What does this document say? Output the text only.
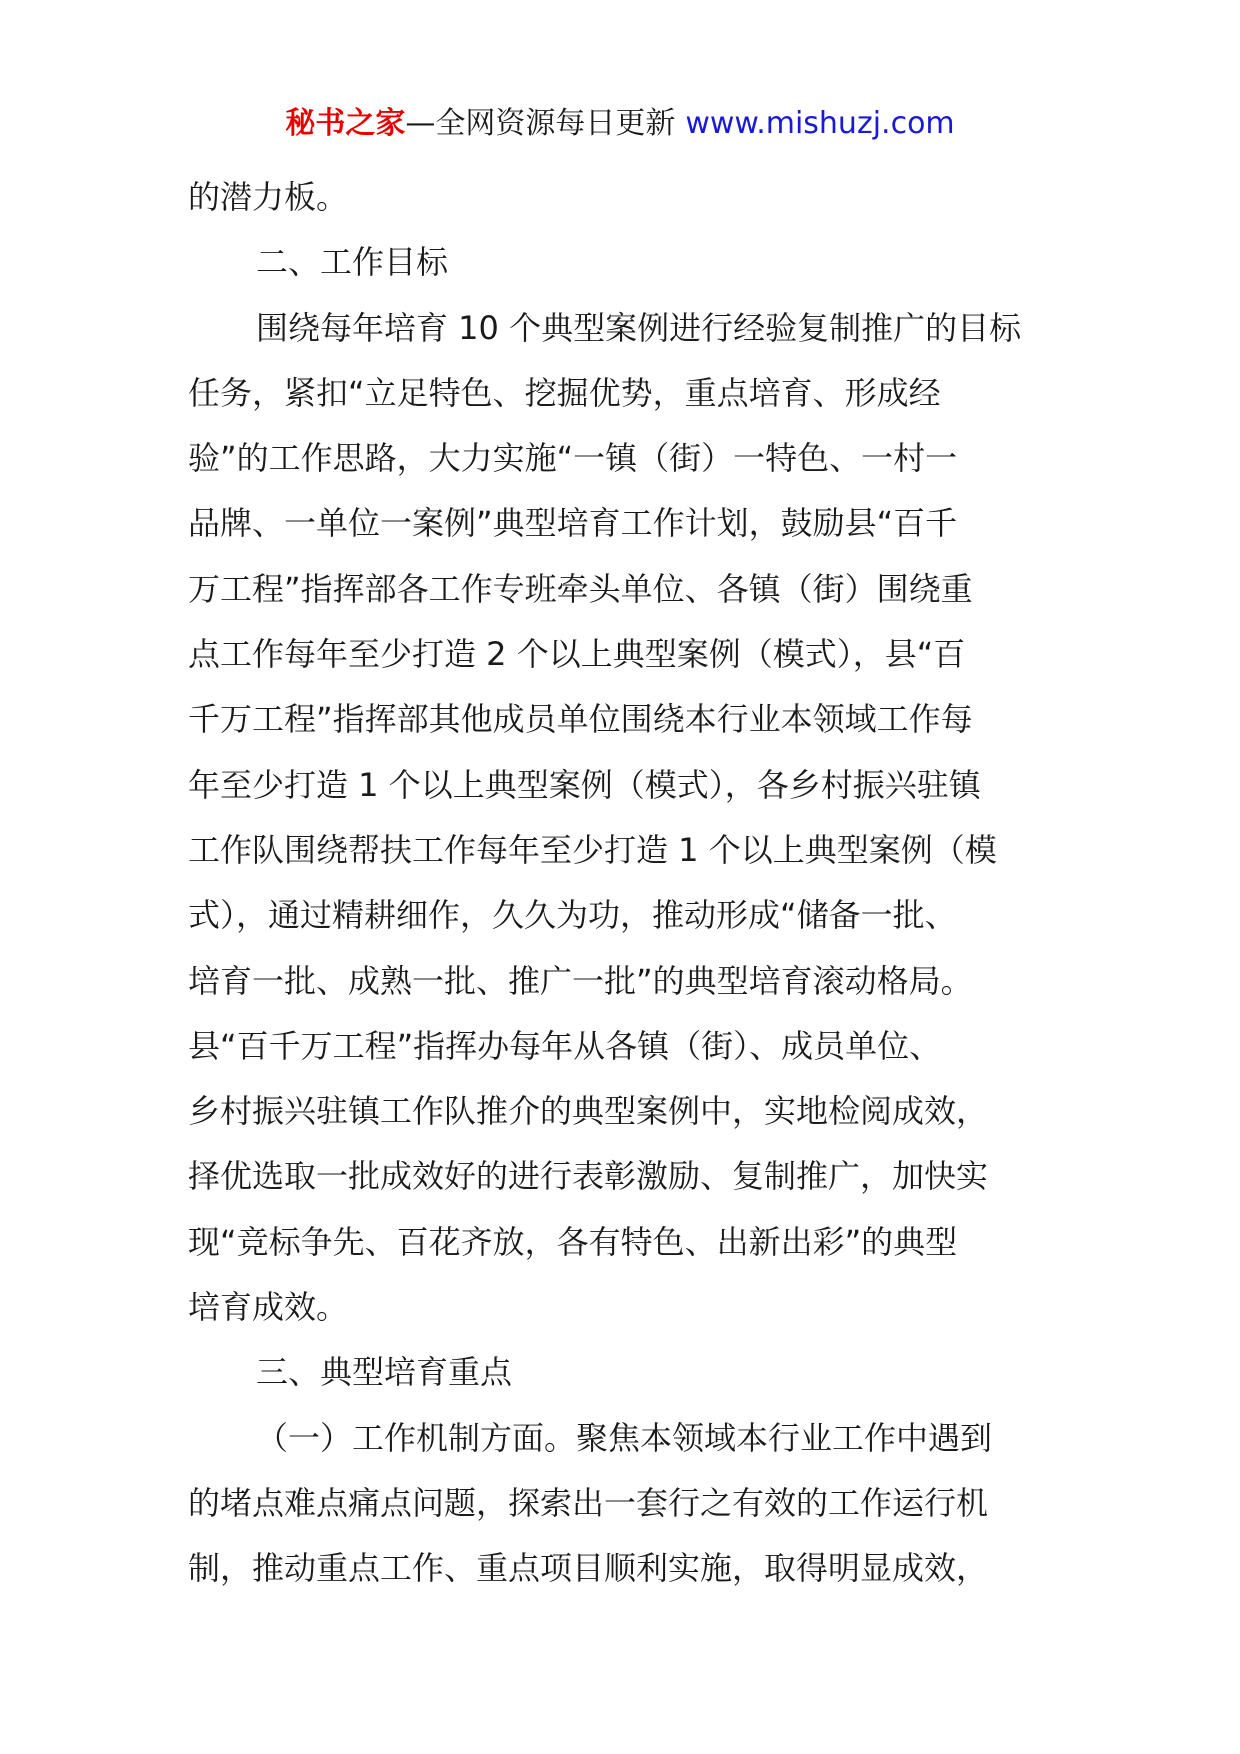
秘书之家—全网资源每日更新 www.mishuzj.com
的潜力板。
二、工作目标
围绕每年培育 10 个典型案例进行经验复制推广的目标
任务，紧扣“立足特色、挖掘优势，重点培育、形成经
验”的工作思路，大力实施“一镇（街）一特色、一村一
品牌、一单位一案例”典型培育工作计划，鼓励县“百千
万工程”指挥部各工作专班牵头单位、各镇（街）围绕重
点工作每年至少打造 2 个以上典型案例（模式），县“百
千万工程”指挥部其他成员单位围绕本行业本领域工作每
年至少打造 1 个以上典型案例（模式），各乡村振兴驻镇
工作队围绕帮扶工作每年至少打造 1 个以上典型案例（模
式），通过精耕细作，久久为功，推动形成“储备一批、
培育一批、成熟一批、推广一批”的典型培育滚动格局。
县“百千万工程”指挥办每年从各镇（街）、成员单位、
乡村振兴驻镇工作队推介的典型案例中，实地检阅成效，
择优选取一批成效好的进行表彰激励、复制推广，加快实
现“竞标争先、百花齐放，各有特色、出新出彩”的典型
培育成效。
三、典型培育重点
（一）工作机制方面。聚焦本领域本行业工作中遇到
的堵点难点痛点问题，探索出一套行之有效的工作运行机
制，推动重点工作、重点项目顺利实施，取得明显成效，
